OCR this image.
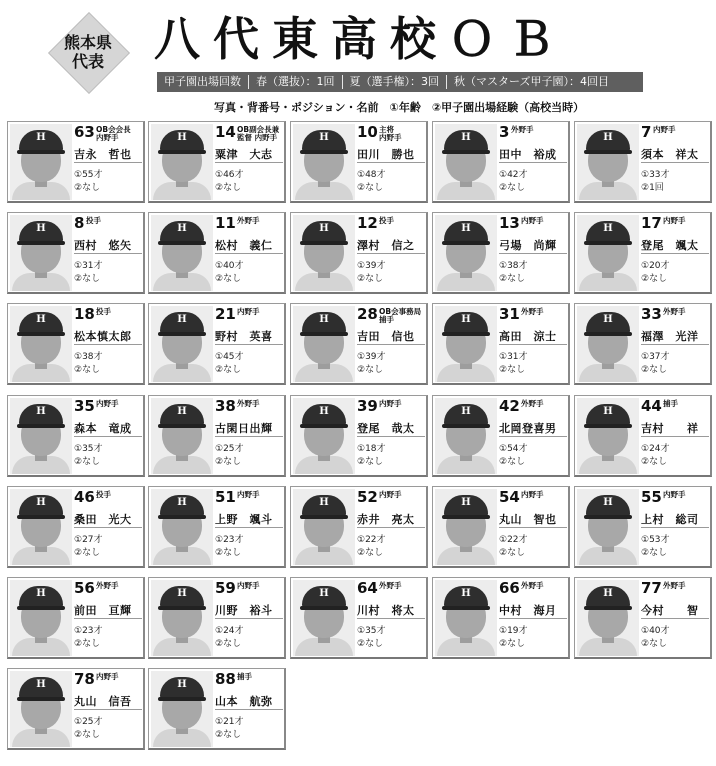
熊本県
代表	八代東高校ＯＢ
甲子園出場回数	春（選抜）：1回	夏（選手権）：3回	秋（マスターズ甲子園）：4回目
写真・背番号・ポジション・名前　①年齢　②甲子園出場経験（高校当時）
H 63 OB会会長
内野手
吉永　哲也
①55才
②なし
H 14 OB副会長兼
監督 内野手
粟津　大志
①46才
②なし
H 10 主将
内野手
田川　勝也
①48才
②なし
H 3 外野手
田中　裕成
①42才
②なし
H 7 内野手
須本　祥太
①33才
②1回
H 8 投手
西村　悠矢
①31才
②なし
H 11 外野手
松村　義仁
①40才
②なし
H 12 投手
澤村　信之
①39才
②なし
H 13 内野手
弓場　尚輝
①38才
②なし
H 17 内野手
登尾　颯太
①20才
②なし
H 18 投手
松本慎太郎
①38才
②なし
H 21 内野手
野村　英喜
①45才
②なし
H 28 OB会事務局
捕手
吉田　信也
①39才
②なし
H 31 外野手
高田　涼士
①31才
②なし
H 33 外野手
福澤　光洋
①37才
②なし
H 35 内野手
森本　竜成
①35才
②なし
H 38 外野手
古閑日出輝
①25才
②なし
H 39 内野手
登尾　哉太
①18才
②なし
H 42 外野手
北岡登喜男
①54才
②なし
H 44 捕手
吉村　　祥
①24才
②なし
H 46 投手
桑田　光大
①27才
②なし
H 51 内野手
上野　颯斗
①23才
②なし
H 52 内野手
赤井　亮太
①22才
②なし
H 54 内野手
丸山　智也
①22才
②なし
H 55 内野手
上村　総司
①53才
②なし
H 56 外野手
前田　亘輝
①23才
②なし
H 59 内野手
川野　裕斗
①24才
②なし
H 64 外野手
川村　将太
①35才
②なし
H 66 外野手
中村　海月
①19才
②なし
H 77 外野手
今村　　智
①40才
②なし
H 78 内野手
丸山　信吾
①25才
②なし
H 88 捕手
山本　航弥
①21才
②なし
